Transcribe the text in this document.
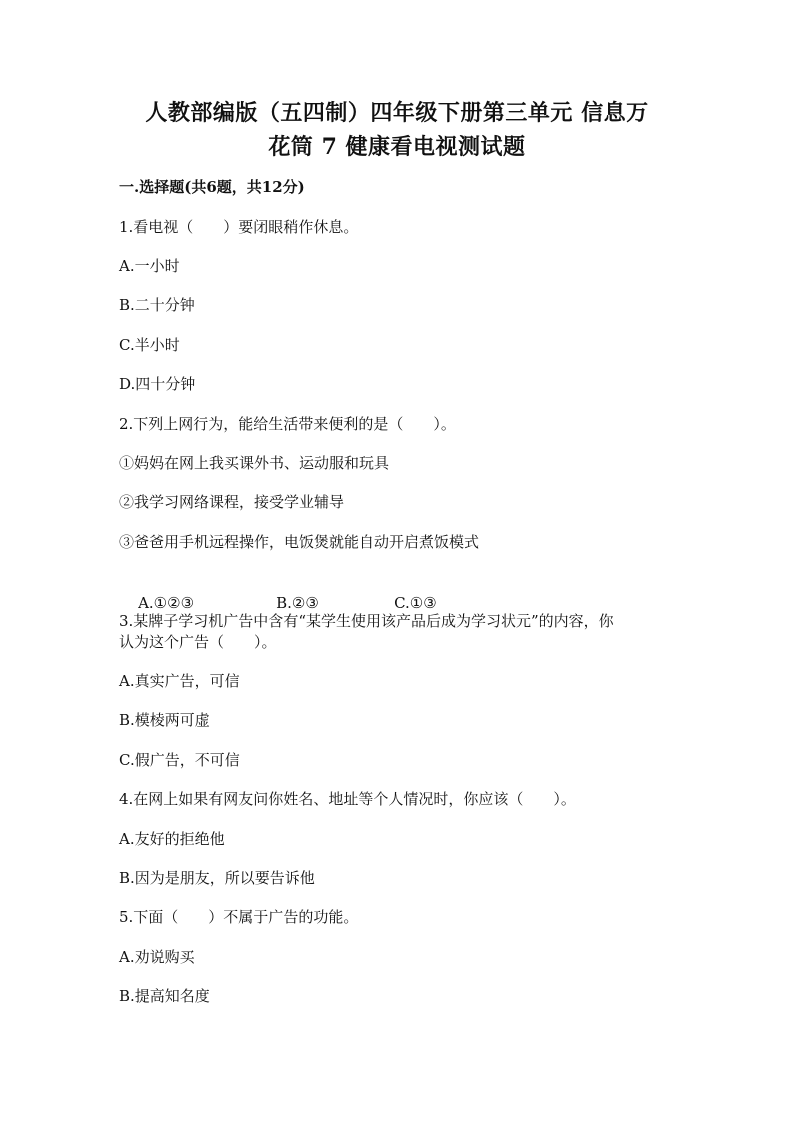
人教部编版（五四制）四年级下册第三单元 信息万
花筒 7 健康看电视测试题
一.选择题(共6题，共12分)
1.看电视（　　）要闭眼稍作休息。
A.一小时
B.二十分钟
C.半小时
D.四十分钟
2.下列上网行为，能给生活带来便利的是（　　）。
①妈妈在网上我买课外书、运动服和玩具
②我学习网络课程，接受学业辅导
③爸爸用手机远程操作，电饭煲就能自动开启煮饭模式

A.①②③	B.②③	C.①③

3.某牌子学习机广告中含有“某学生使用该产品后成为学习状元”的内容，你
认为这个广告（　　）。
A.真实广告，可信
B.模棱两可虚
C.假广告，不可信
4.在网上如果有网友问你姓名、地址等个人情况时，你应该（　　）。
A.友好的拒绝他
B.因为是朋友，所以要告诉他
5.下面（　　）不属于广告的功能。
A.劝说购买
B.提高知名度
